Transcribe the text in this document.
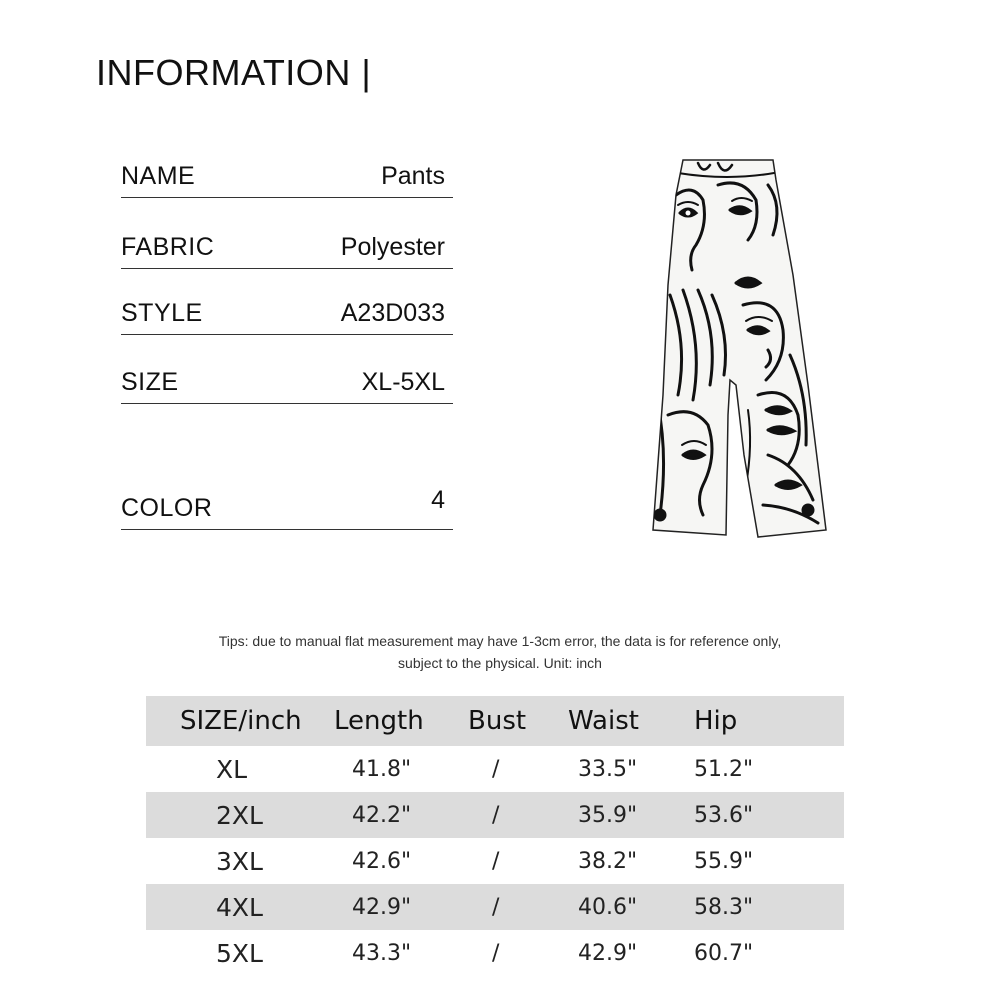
INFORMATION |
NAME	Pants
FABRIC	Polyester
STYLE	A23D033
SIZE	XL-5XL
COLOR	4
Tips: due to manual flat measurement may have 1-3cm error, the data is for reference only,
subject to the physical. Unit: inch
SIZE/inch	Length	Bust	Waist	Hip
XL	41.8"	/	33.5"	51.2"
2XL	42.2"	/	35.9"	53.6"
3XL	42.6"	/	38.2"	55.9"
4XL	42.9"	/	40.6"	58.3"
5XL	43.3"	/	42.9"	60.7"
